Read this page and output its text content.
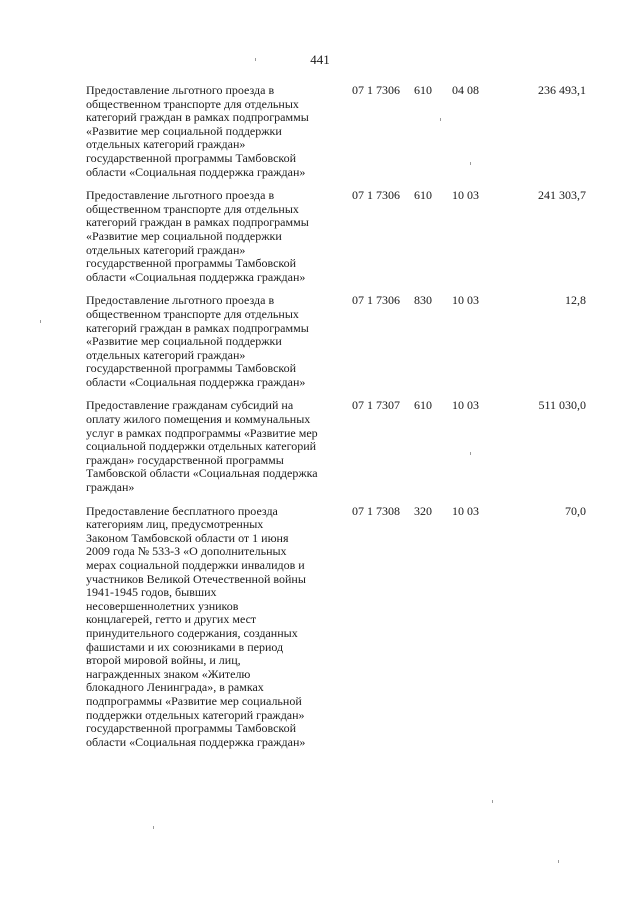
441
Предоставление льготного проезда в
общественном транспорте для отдельных
категорий граждан в рамках подпрограммы
«Развитие мер социальной поддержки
отдельных категорий граждан»
государственной программы Тамбовской
области «Социальная поддержка граждан»
07 1 7306 610 04 08	236 493,1
Предоставление льготного проезда в
общественном транспорте для отдельных
категорий граждан в рамках подпрограммы
«Развитие мер социальной поддержки
отдельных категорий граждан»
государственной программы Тамбовской
области «Социальная поддержка граждан»
07 1 7306 610 10 03	241 303,7
Предоставление льготного проезда в
общественном транспорте для отдельных
категорий граждан в рамках подпрограммы
«Развитие мер социальной поддержки
отдельных категорий граждан»
государственной программы Тамбовской
области «Социальная поддержка граждан»
07 1 7306 830 10 03	12,8
Предоставление гражданам субсидий на
оплату жилого помещения и коммунальных
услуг в рамках подпрограммы «Развитие мер
социальной поддержки отдельных категорий
граждан» государственной программы
Тамбовской области «Социальная поддержка
граждан»
07 1 7307 610 10 03	511 030,0
Предоставление бесплатного проезда
категориям лиц, предусмотренных
Законом Тамбовской области от 1 июня
2009 года № 533-З «О дополнительных
мерах социальной поддержки инвалидов и
участников Великой Отечественной войны
1941-1945 годов, бывших
несовершеннолетних узников
концлагерей, гетто и других мест
принудительного содержания, созданных
фашистами и их союзниками в период
второй мировой войны, и лиц,
награжденных знаком «Жителю
блокадного Ленинграда», в рамках
подпрограммы «Развитие мер социальной
поддержки отдельных категорий граждан»
государственной программы Тамбовской
области «Социальная поддержка граждан»
07 1 7308 320 10 03	70,0
